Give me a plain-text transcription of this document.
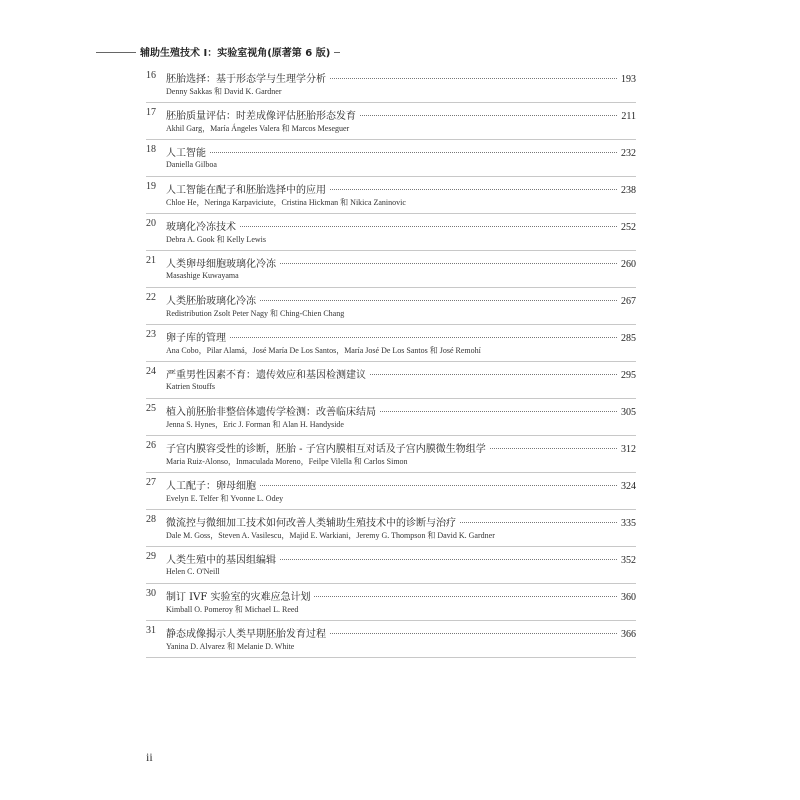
辅助生殖技术 I：实验室视角(原著第 6 版)
16	胚胎选择：基于形态学与生理学分析	193
Denny Sakkas 和 David K. Gardner
17	胚胎质量评估：时差成像评估胚胎形态发育	211
Akhil Garg，María Ángeles Valera 和 Marcos Meseguer
18	人工智能	232
Daniella Gilboa
19	人工智能在配子和胚胎选择中的应用	238
Chloe He，Neringa Karpaviciute，Cristina Hickman 和 Nikica Zaninovic
20	玻璃化冷冻技术	252
Debra A. Gook 和 Kelly Lewis
21	人类卵母细胞玻璃化冷冻	260
Masashige Kuwayama
22	人类胚胎玻璃化冷冻	267
Redistribution Zsolt Peter Nagy 和 Ching-Chien Chang
23	卵子库的管理	285
Ana Cobo，Pilar Alamá，José María De Los Santos，María José De Los Santos 和 José Remohí
24	严重男性因素不育：遗传效应和基因检测建议	295
Katrien Stouffs
25	植入前胚胎非整倍体遗传学检测：改善临床结局	305
Jenna S. Hynes，Eric J. Forman 和 Alan H. Handyside
26	子宫内膜容受性的诊断，胚胎 - 子宫内膜相互对话及子宫内膜微生物组学	312
Maria Ruiz-Alonso，Inmaculada Moreno，Feilpe Vilella 和 Carlos Simon
27	人工配子：卵母细胞	324
Evelyn E. Telfer 和 Yvonne L. Odey
28	微流控与微细加工技术如何改善人类辅助生殖技术中的诊断与治疗	335
Dale M. Goss，Steven A. Vasilescu，Majid E. Warkiani，Jeremy G. Thompson 和 David K. Gardner
29	人类生殖中的基因组编辑	352
Helen C. O'Neill
30	制订 IVF 实验室的灾难应急计划	360
Kimball O. Pomeroy 和 Michael L. Reed
31	静态成像揭示人类早期胚胎发育过程	366
Yanina D. Alvarez 和 Melanie D. White
ii
